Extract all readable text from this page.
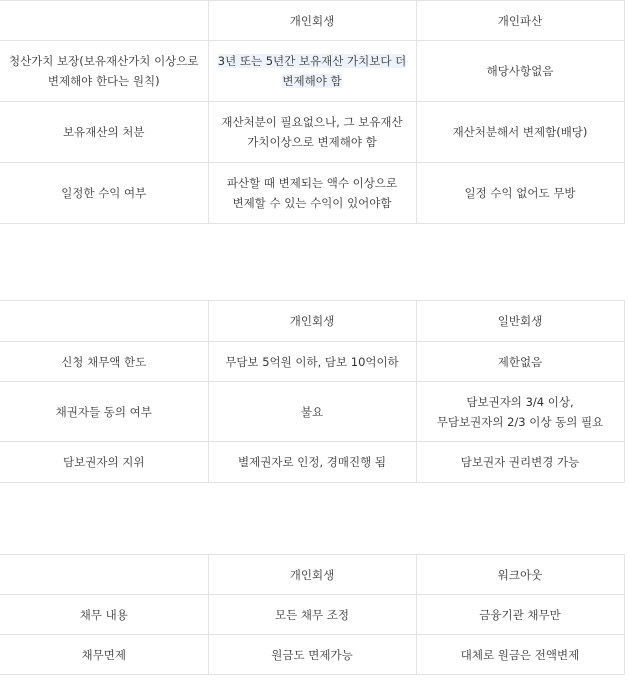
	개인회생	개인파산
청산가치 보장(보유재산가치 이상으로 변제해야 한다는 원칙)	3년 또는 5년간 보유재산 가치보다 더 변제해야 함	해당사항없음
보유재산의 처분	재산처분이 필요없으나, 그 보유재산 가치이상으로 변제해야 함	재산처분해서 변제함(배당)
일정한 수익 여부	파산할 때 변제되는 액수 이상으로 변제할 수 있는 수익이 있어야함	일정 수익 없어도 무방
	개인회생	일반회생
신청 채무액 한도	무담보 5억원 이하, 담보 10억이하	제한없음
채권자들 동의 여부	불요	담보권자의 3/4 이상,
무담보권자의 2/3 이상 동의 필요
담보권자의 지위	별제권자로 인정, 경매진행 됨	담보권자 권리변경 가능
	개인회생	워크아웃
채무 내용	모든 채무 조정	금융기관 채무만
채무면제	원금도 면제가능	대체로 원금은 전액변제
